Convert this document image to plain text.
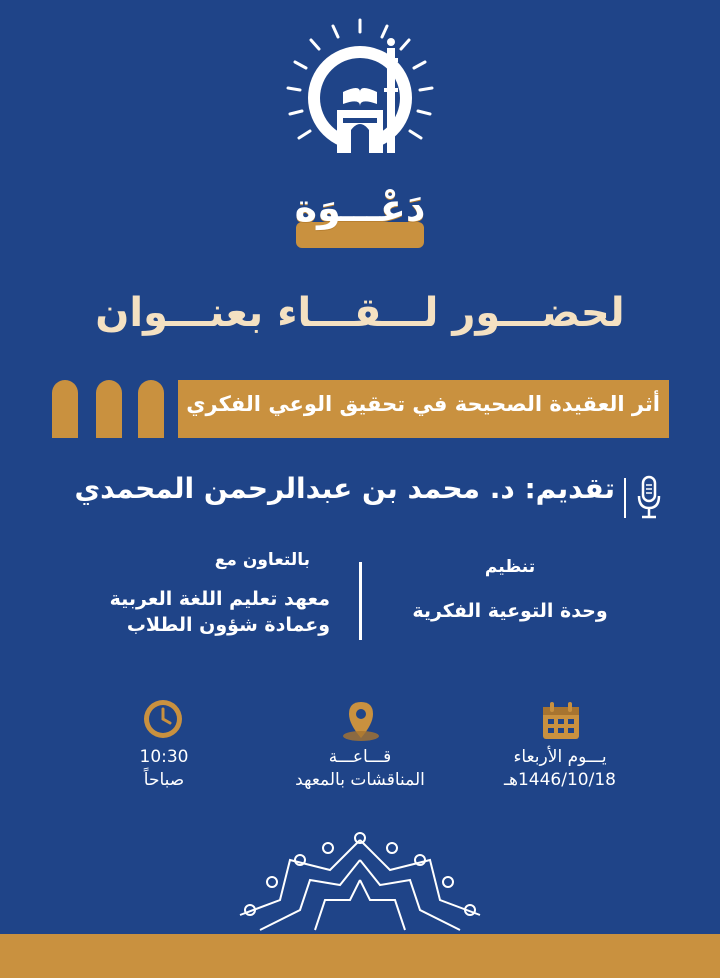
دَعْـــوَة
لحضـــور لـــقـــاء بعنـــوان
أثر العقيدة الصحيحة في تحقيق الوعي الفكري
تقديم: د. محمد بن عبدالرحمن المحمدي
تنظيم
وحدة التوعية الفكرية
بالتعاون مع
معهد تعليم اللغة العربية
وعمادة شؤون الطلاب
يـــوم الأربعاء
1446/10/18هـ
قـــاعـــة
المناقشات بالمعهد
10:30
صباحاً
